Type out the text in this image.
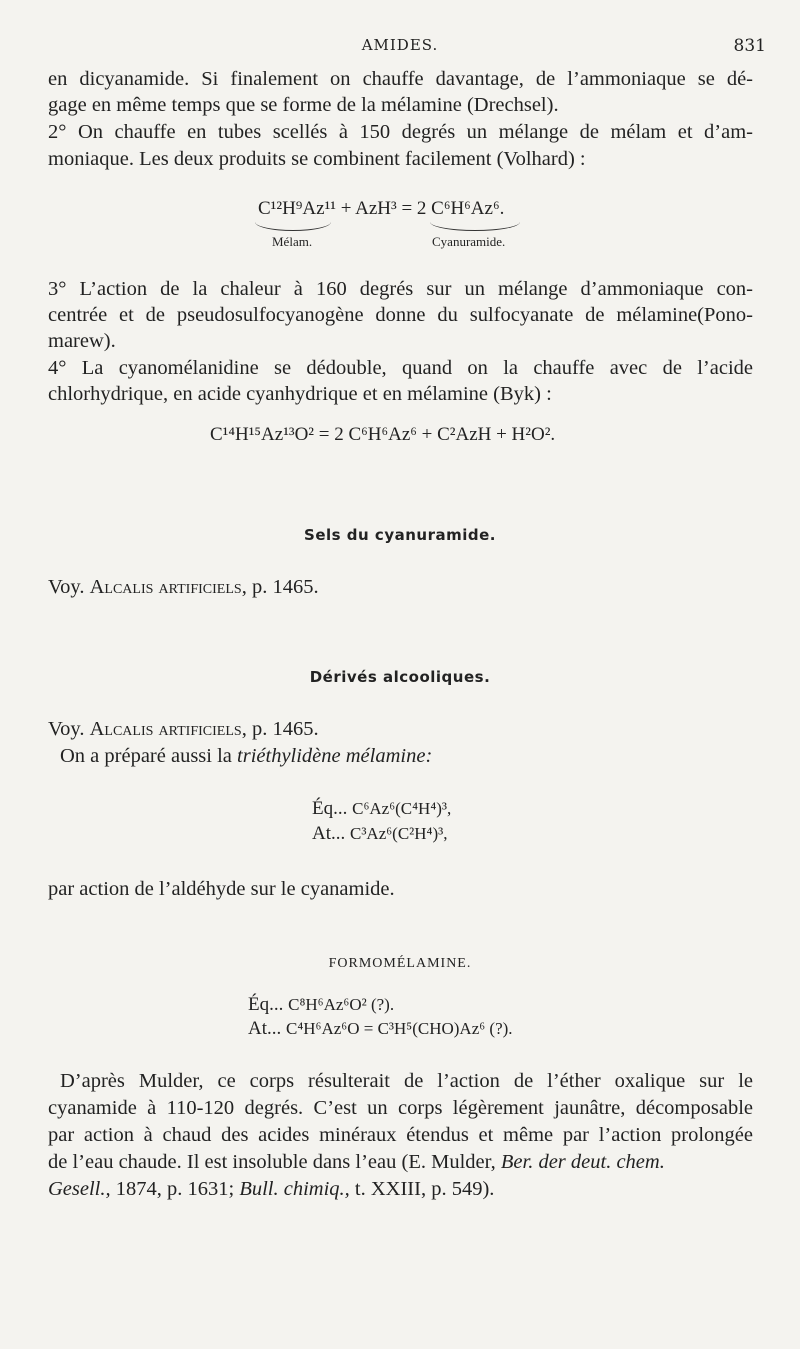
AMIDES.	831
en dicyanamide. Si finalement on chauffe davantage, de l’ammoniaque se dé-
gage en même temps que se forme de la mélamine (Drechsel).
2° On chauffe en tubes scellés à 150 degrés un mélange de mélam et d’am-
moniaque. Les deux produits se combinent facilement (Volhard) :
C¹²H⁹Az¹¹ + AzH³ = 2 C⁶H⁶Az⁶.
Mélam.	Cyanuramide.
3° L’action de la chaleur à 160 degrés sur un mélange d’ammoniaque con-
centrée et de pseudosulfocyanogène donne du sulfocyanate de mélamine(Pono-
marew).
4° La cyanomélanidine se dédouble, quand on la chauffe avec de l’acide
chlorhydrique, en acide cyanhydrique et en mélamine (Byk) :
C¹⁴H¹⁵Az¹³O² = 2 C⁶H⁶Az⁶ + C²AzH + H²O².
Sels du cyanuramide.
Voy. Alcalis artificiels, p. 1465.
Dérivés alcooliques.
Voy. Alcalis artificiels, p. 1465.
On a préparé aussi la triéthylidène mélamine:
Éq... C⁶Az⁶(C⁴H⁴)³,
At... C³Az⁶(C²H⁴)³,
par action de l’aldéhyde sur le cyanamide.
FORMOMÉLAMINE.
Éq... C⁸H⁶Az⁶O² (?).
At... C⁴H⁶Az⁶O = C³H⁵(CHO)Az⁶ (?).
D’après Mulder, ce corps résulterait de l’action de l’éther oxalique sur le
cyanamide à 110-120 degrés. C’est un corps légèrement jaunâtre, décomposable
par action à chaud des acides minéraux étendus et même par l’action prolongée
de l’eau chaude. Il est insoluble dans l’eau (E. Mulder, Ber. der deut. chem.
Gesell., 1874, p. 1631; Bull. chimiq., t. XXIII, p. 549).
